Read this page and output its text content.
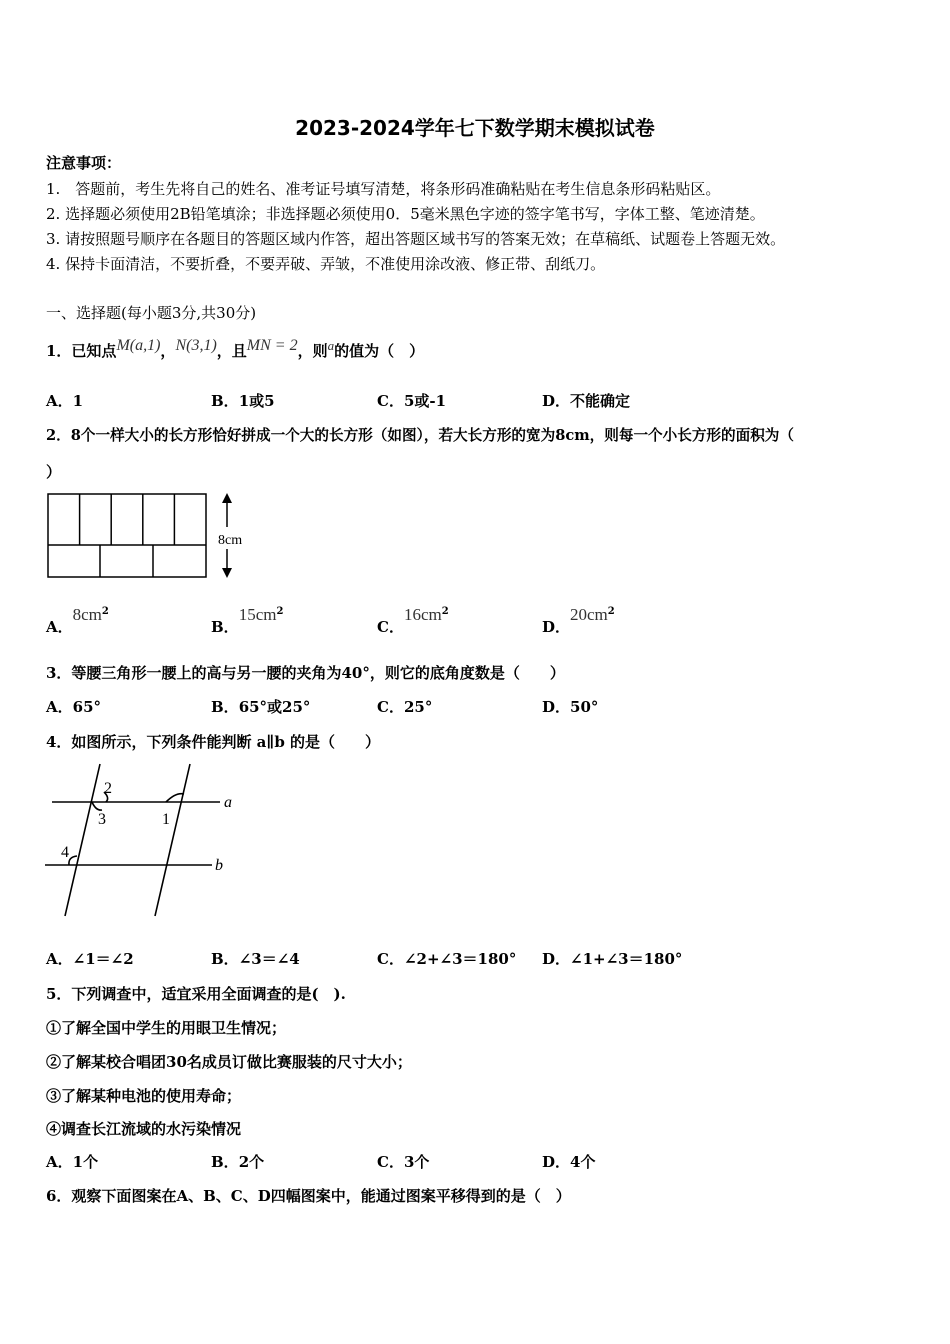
2023-2024学年七下数学期末模拟试卷
注意事项：
1.　答题前，考生先将自己的姓名、准考证号填写清楚，将条形码准确粘贴在考生信息条形码粘贴区。
2. 选择题必须使用2B铅笔填涂；非选择题必须使用0．5毫米黑色字迹的签字笔书写，字体工整、笔迹清楚。
3. 请按照题号顺序在各题目的答题区域内作答，超出答题区域书写的答案无效；在草稿纸、试题卷上答题无效。
4. 保持卡面清洁，不要折叠，不要弄破、弄皱，不准使用涂改液、修正带、刮纸刀。
一、选择题(每小题3分,共30分)
1．已知点M(a,1)，N(3,1)，且MN = 2，则a的值为（　）
A．1	B．1或5	C．5或-1	D．不能确定
2．8个一样大小的长方形恰好拼成一个大的长方形（如图），若大长方形的宽为8cm，则每一个小长方形的面积为（
）
8cm
A．$8cm^2$
B．$15cm^2$
C．$16cm^2$
D．$20cm^2$
3．等腰三角形一腰上的高与另一腰的夹角为40°，则它的底角度数是（　　）
A．65°	B．65°或25°	C．25°	D．50°
4．如图所示，下列条件能判断 a∥b 的是（　　）
2
3	1
4
a
b
A．∠1＝∠2	B．∠3＝∠4	C．∠2+∠3＝180° D．∠1+∠3＝180°
5．下列调查中，适宜采用全面调查的是(　).
①了解全国中学生的用眼卫生情况；
②了解某校合唱团30名成员订做比赛服装的尺寸大小；
③了解某种电池的使用寿命；
④调查长江流域的水污染情况
A．1个	B．2个	C．3个	D．4个
6．观察下面图案在A、B、C、D四幅图案中，能通过图案平移得到的是（　）
